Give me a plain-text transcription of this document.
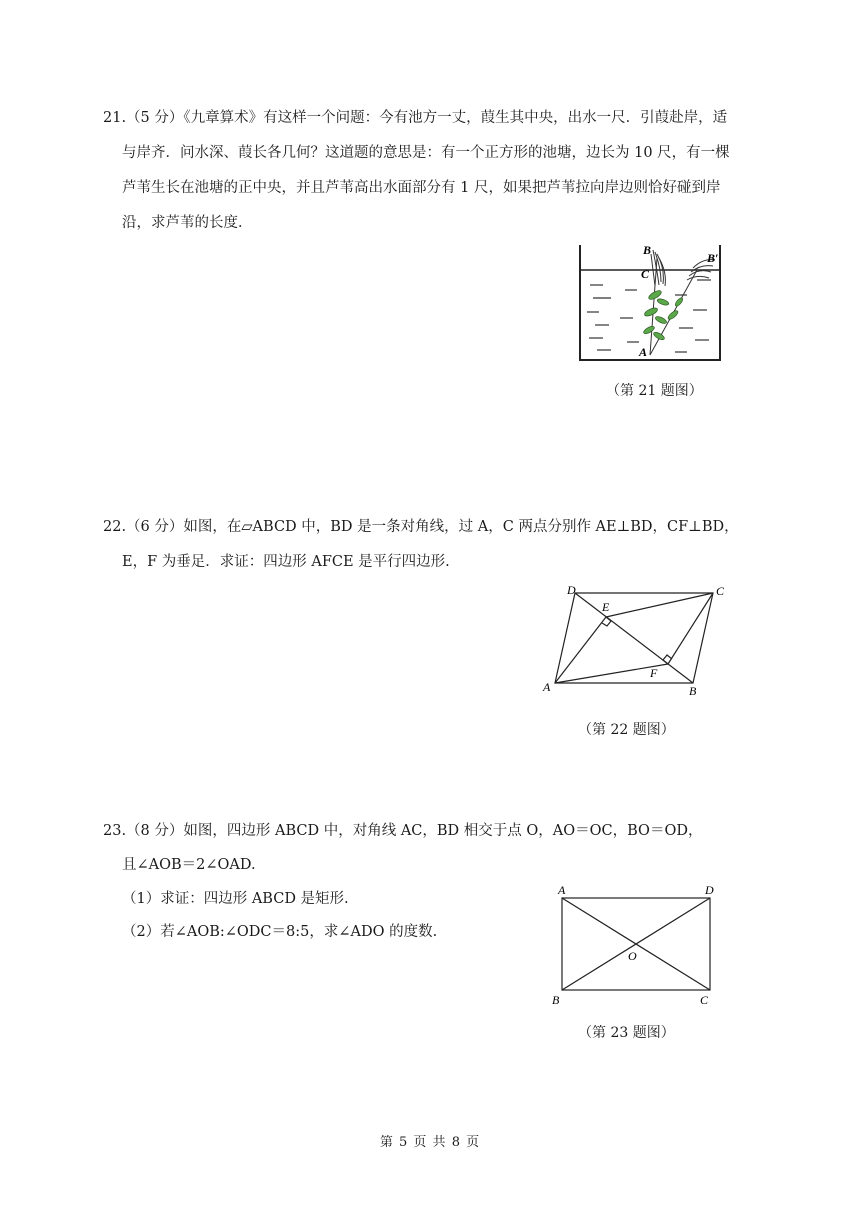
21.（5 分）《九章算术》有这样一个问题：今有池方一丈，葭生其中央，出水一尺．引葭赴岸，适
与岸齐．问水深、葭长各几何？这道题的意思是：有一个正方形的池塘，边长为 10 尺，有一棵
芦苇生长在池塘的正中央，并且芦苇高出水面部分有 1 尺，如果把芦苇拉向岸边则恰好碰到岸
沿，求芦苇的长度．
B
B′
C
A
（第 21 题图）
22.（6 分）如图，在▱ABCD 中，BD 是一条对角线，过 A，C 两点分别作 AE⊥BD，CF⊥BD，
E，F 为垂足．求证：四边形 AFCE 是平行四边形.
A	B
C
D
E
F
（第 22 题图）
23.（8 分）如图，四边形 ABCD 中，对角线 AC，BD 相交于点 O，AO＝OC，BO＝OD，
且∠AOB＝2∠OAD.
（1）求证：四边形 ABCD 是矩形.
（2）若∠AOB:∠ODC＝8:5，求∠ADO 的度数.
A	D
B	C
O
（第 23 题图）
第 5 页 共 8 页
